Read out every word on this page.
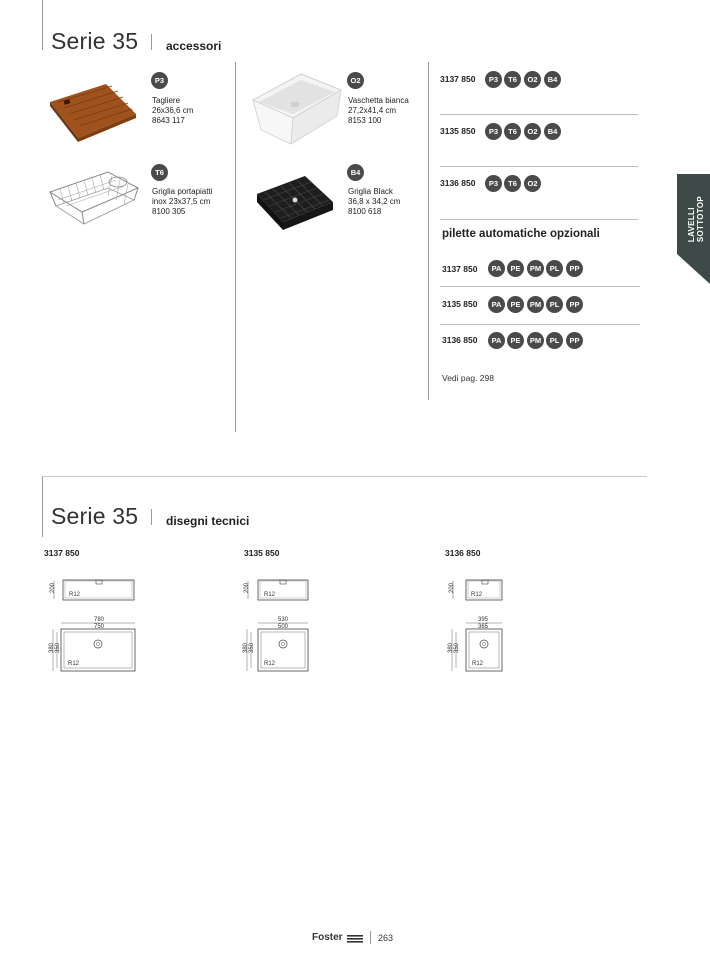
Serie 35 accessori
P3
Tagliere
26x36,6 cm
8643 117
O2
Vaschetta bianca
27,2x41,4 cm
8153 100
T6
Griglia portapiatti
inox 23x37,5 cm
8100 305
B4
Griglia Black
36,8 x 34,2 cm
8100 618
3137 850	P3	T6	O2	B4
3135 850	P3	T6	O2	B4
3136 850	P3	T6	O2
pilette automatiche opzionali
3137 850	PA	PE	PM	PL	PP
3135 850	PA	PE	PM	PL	PP
3136 850	PA	PE	PM	PL	PP
Vedi pag. 298
LAVELLI SOTTOTOP
Serie 35 disegni tecnici
3137 850
200
R12
780
750
380 350
R12
3135 850
200
R12
530
500
380 350
R12
3136 850
200
R12
395
365
380 350
R12
Foster	263
